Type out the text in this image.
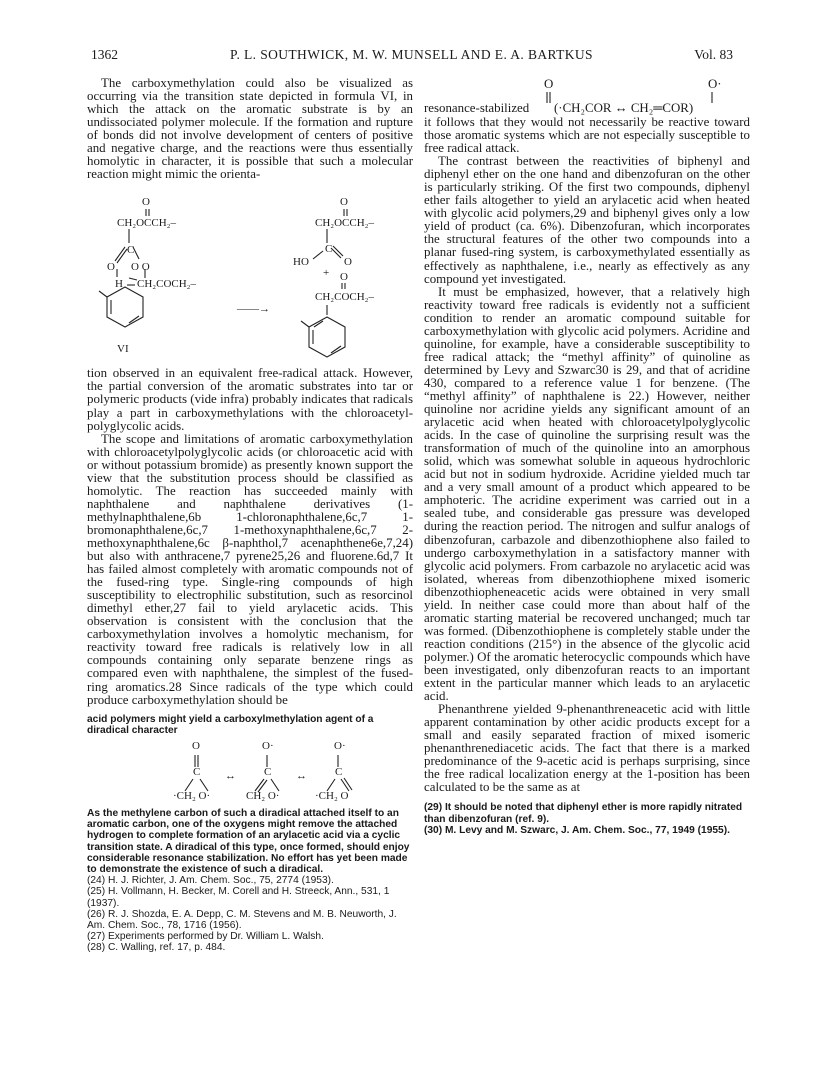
1362	P. L. SOUTHWICK, M. W. MUNSELL AND E. A. BARTKUS	Vol. 83

The carboxymethylation could also be visualized as occurring via the transition state depicted in formula VI, in which the attack on the aromatic substrate is by an undissociated polymer molecule. If the formation and rupture of bonds did not involve development of centers of positive and negative charge, and the reactions were thus essentially homolytic in character, it is possible that such a molecular reaction might mimic the orienta-

O
CH₂OCCH₂–
C
O O O
H CH₂COCH₂–
——→
VI
O
CH₂OCCH₂–
C
HO	O
+ O
CH₂COCH₂–

tion observed in an equivalent free-radical attack. However, the partial conversion of the aromatic substrates into tar or polymeric products (vide infra) probably indicates that radicals play a part in carboxymethylations with the chloroacetyl-polyglycolic acids.

The scope and limitations of aromatic carboxymethylation with chloroacetylpolyglycolic acids (or chloroacetic acid with or without potassium bromide) as presently known support the view that the substitution process should be classified as homolytic. The reaction has succeeded mainly with naphthalene and naphthalene derivatives (1-methylnaphthalene,6b 1-chloronaphthalene,6c,7 1-bromonaphthalene,6c,7 1-methoxynaphthalene,6c,7 2-methoxynaphthalene,6c β-naphthol,7 acenaphthene6e,7,24) but also with anthracene,7 pyrene25,26 and fluorene.6d,7 It has failed almost completely with aromatic compounds not of the fused-ring type. Single-ring compounds of high susceptibility to electrophilic substitution, such as resorcinol dimethyl ether,27 fail to yield arylacetic acids. This observation is consistent with the conclusion that the carboxymethylation involves a homolytic mechanism, for reactivity toward free radicals is relatively low in all compounds containing only separate benzene rings as compared even with naphthalene, the simplest of the fused-ring aromatics.28 Since radicals of the type which could produce carboxymethylation should be

acid polymers might yield a carboxylmethylation agent of a diradical character

O	O·	O·
C	C	C
·CH₂ O·	CH₂ O·	·CH₂ O
↔	↔

As the methylene carbon of such a diradical attached itself to an aromatic carbon, one of the oxygens might remove the attached hydrogen to complete formation of an arylacetic acid via a cyclic transition state. A diradical of this type, once formed, should enjoy considerable resonance stabilization. No effort has yet been made to demonstrate the existence of such a diradical.

(24) H. J. Richter, J. Am. Chem. Soc., 75, 2774 (1953).

(25) H. Vollmann, H. Becker, M. Corell and H. Streeck, Ann., 531, 1 (1937).

(26) R. J. Shozda, E. A. Depp, C. M. Stevens and M. B. Neuworth, J. Am. Chem. Soc., 78, 1716 (1956).

(27) Experiments performed by Dr. William L. Walsh.

(28) C. Walling, ref. 17, p. 484.

O	O·
resonance-stabilized (·CH₂COR ↔ CH₂═COR)

it follows that they would not necessarily be reactive toward those aromatic systems which are not especially susceptible to free radical attack.

The contrast between the reactivities of biphenyl and diphenyl ether on the one hand and dibenzofuran on the other is particularly striking. Of the first two compounds, diphenyl ether fails altogether to yield an arylacetic acid when heated with glycolic acid polymers,29 and biphenyl gives only a low yield of product (ca. 6%). Dibenzofuran, which incorporates the structural features of the other two compounds into a planar fused-ring system, is carboxymethylated essentially as effectively as naphthalene, i.e., nearly as effectively as any compound yet investigated.

It must be emphasized, however, that a relatively high reactivity toward free radicals is evidently not a sufficient condition to render an aromatic compound suitable for carboxymethylation with glycolic acid polymers. Acridine and quinoline, for example, have a considerable susceptibility to free radical attack; the “methyl affinity” of quinoline as determined by Levy and Szwarc30 is 29, and that of acridine 430, compared to a reference value 1 for benzene. (The “methyl affinity” of naphthalene is 22.) However, neither quinoline nor acridine yields any significant amount of an arylacetic acid when heated with chloroacetylpolyglycolic acids. In the case of quinoline the surprising result was the transformation of much of the quinoline into an amorphous solid, which was somewhat soluble in aqueous hydrochloric acid but not in sodium hydroxide. Acridine yielded much tar and a very small amount of a product which appeared to be amphoteric. The acridine experiment was carried out in a sealed tube, and considerable gas pressure was developed during the reaction period. The nitrogen and sulfur analogs of dibenzofuran, carbazole and dibenzothiophene also failed to undergo carboxymethylation in a satisfactory manner with glycolic acid polymers. From carbazole no arylacetic acid was isolated, whereas from dibenzothiophene mixed isomeric dibenzothiopheneacetic acids were obtained in very small yield. In neither case could more than about half of the aromatic starting material be recovered unchanged; much tar was formed. (Dibenzothiophene is completely stable under the reaction conditions (215°) in the absence of the glycolic acid polymer.) Of the aromatic heterocyclic compounds which have been investigated, only dibenzofuran reacts to an important extent in the particular manner which leads to an arylacetic acid.

Phenanthrene yielded 9-phenanthreneacetic acid with little apparent contamination by other acidic products except for a small and easily separated fraction of mixed isomeric phenanthrenediacetic acids. The fact that there is a marked predominance of the 9-acetic acid is perhaps surprising, since the free radical localization energy at the 1-position has been calculated to be the same as at

(29) It should be noted that diphenyl ether is more rapidly nitrated than dibenzofuran (ref. 9).

(30) M. Levy and M. Szwarc, J. Am. Chem. Soc., 77, 1949 (1955).
